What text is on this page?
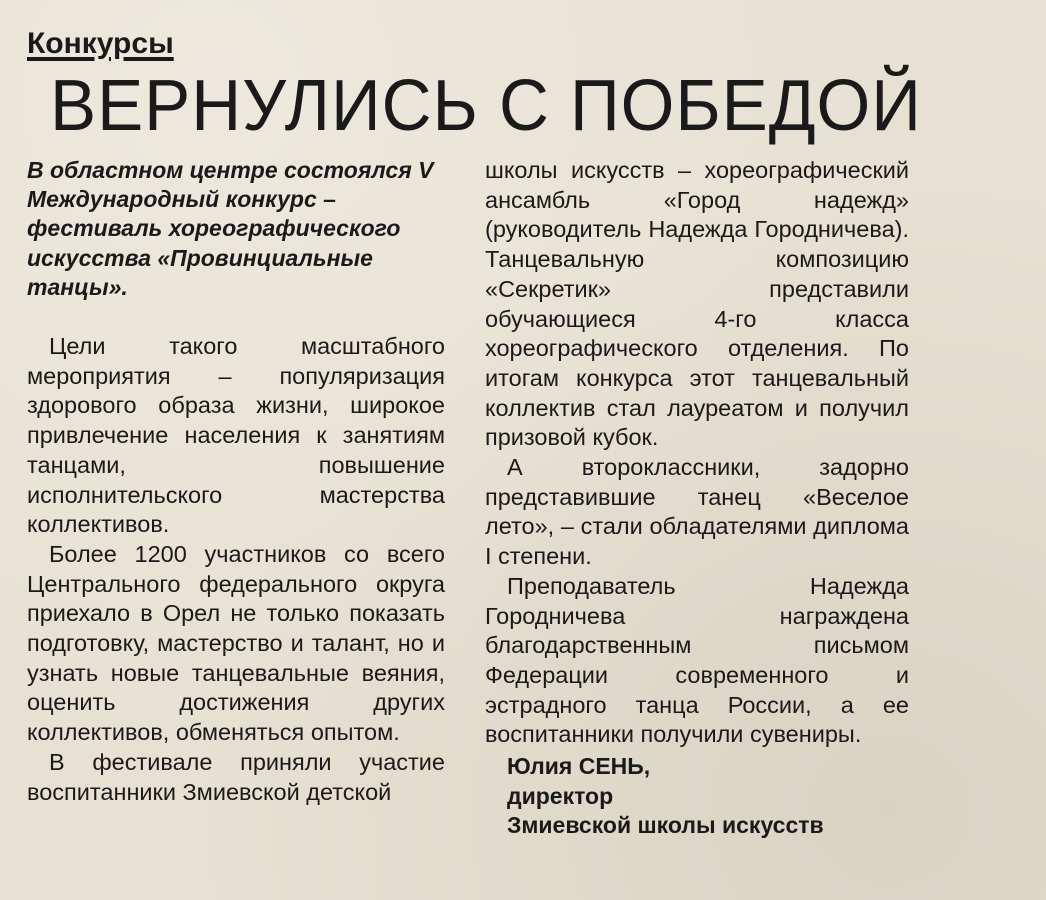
Конкурсы
ВЕРНУЛИСЬ С ПОБЕДОЙ

В областном центре состоялся V Международный конкурс – фестиваль хореографического искусства «Провинциальные танцы».

Цели такого масштабного мероприятия – популяризация здорового образа жизни, широкое привлечение населения к занятиям танцами, повышение исполнительского мастерства коллективов.

Более 1200 участников со всего Центрального федерального округа приехало в Орел не только показать подготовку, мастерство и талант, но и узнать новые танцевальные веяния, оценить достижения других коллективов, обменяться опытом.

В фестивале приняли участие воспитанники Змиевской детской

школы искусств – хореографический ансамбль «Город надежд» (руководитель Надежда Городничева). Танцевальную композицию «Секретик» представили обучающиеся 4-го класса хореографического отделения. По итогам конкурса этот танцевальный коллектив стал лауреатом и получил призовой кубок.

А второклассники, задорно представившие танец «Веселое лето», – стали обладателями диплома I степени.

Преподаватель Надежда Городничева награждена благодарственным письмом Федерации современного и эстрадного танца России, а ее воспитанники получили сувениры.

Юлия СЕНЬ,

директор

Змиевской школы искусств
